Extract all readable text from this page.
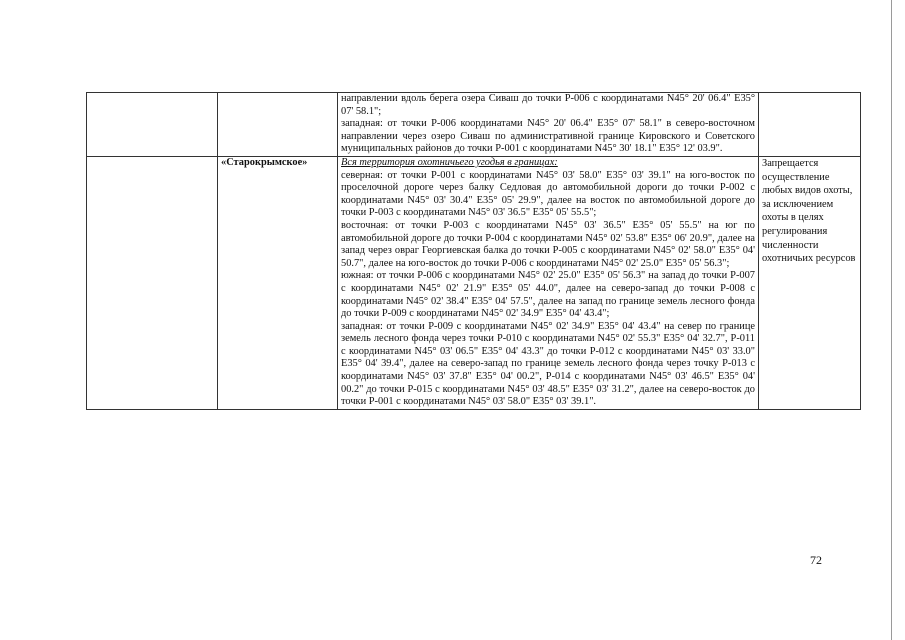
		направлении вдоль берега озера Сиваш до точки Р-006 с координатами N45° 20' 06.4" Е35° 07' 58.1";

западная: от точки Р-006 координатами N45° 20' 06.4" Е35° 07' 58.1" в северо-восточном направлении через озеро Сиваш по административной границе Кировского и Советского муниципальных районов до точки Р-001 с координатами N45° 30' 18.1" Е35° 12' 03.9".	

	«Старокрымское»	Вся территория охотничьего угодья в границах:

северная: от точки Р-001 с координатами N45° 03' 58.0" Е35° 03' 39.1" на юго-восток по проселочной дороге через балку Седловая до автомобильной дороги до точки Р-002 с координатами N45° 03' 30.4" Е35° 05' 29.9", далее на восток по автомобильной дороге до точки Р-003 с координатами N45° 03' 36.5" Е35° 05' 55.5";

восточная: от точки Р-003 с координатами N45° 03' 36.5" Е35° 05' 55.5" на юг по автомобильной дороге до точки Р-004 с координатами N45° 02' 53.8" Е35° 06' 20.9", далее на запад через овраг Георгиевская балка до точки Р-005 с координатами N45° 02' 58.0" Е35° 04' 50.7", далее на юго-восток до точки Р-006 с координатами N45° 02' 25.0" Е35° 05' 56.3";

южная: от точки Р-006 с координатами N45° 02' 25.0" Е35° 05' 56.3" на запад до точки Р-007 с координатами N45° 02' 21.9" Е35° 05' 44.0", далее на северо-запад до точки Р-008 с координатами N45° 02' 38.4" Е35° 04' 57.5", далее на запад по границе земель лесного фонда до точки Р-009 с координатами N45° 02' 34.9" Е35° 04' 43.4";

западная: от точки Р-009 с координатами N45° 02' 34.9" Е35° 04' 43.4" на север по границе земель лесного фонда через точки Р-010 с координатами N45° 02' 55.3" Е35° 04' 32.7", Р-011 с координатами N45° 03' 06.5" Е35° 04' 43.3" до точки Р-012 с координатами N45° 03' 33.0" Е35° 04' 39.4", далее на северо-запад по границе земель лесного фонда через точку Р-013 с координатами N45° 03' 37.8" Е35° 04' 00.2", Р-014 с координатами N45° 03' 46.5" Е35° 04' 00.2" до точки Р-015 с координатами N45° 03' 48.5" Е35° 03' 31.2", далее на северо-восток до точки Р-001 с координатами N45° 03' 58.0" Е35° 03' 39.1".	Запрещается осуществление любых видов охоты, за исключением охоты в целях регулирования численности охотничьих ресурсов
72
